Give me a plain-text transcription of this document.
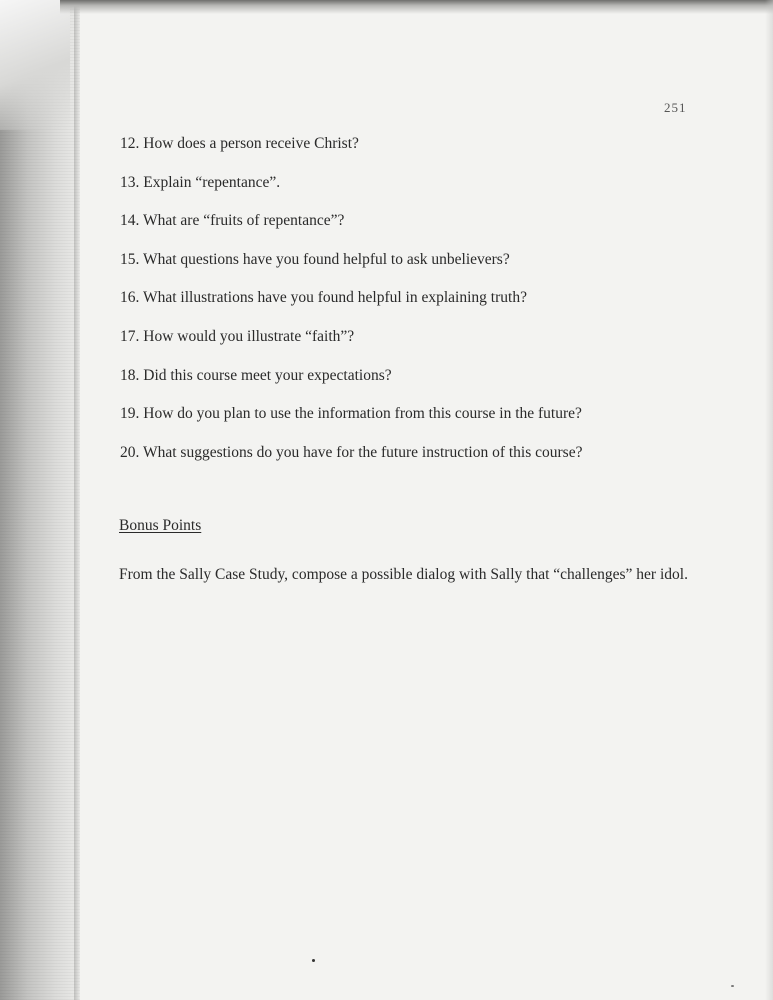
251
12. How does a person receive Christ?
13. Explain “repentance”.
14. What are “fruits of repentance”?
15. What questions have you found helpful to ask unbelievers?
16. What illustrations have you found helpful in explaining truth?
17. How would you illustrate “faith”?
18. Did this course meet your expectations?
19. How do you plan to use the information from this course in the future?
20. What suggestions do you have for the future instruction of this course?
Bonus Points
From the Sally Case Study, compose a possible dialog with Sally that “challenges” her idol.
